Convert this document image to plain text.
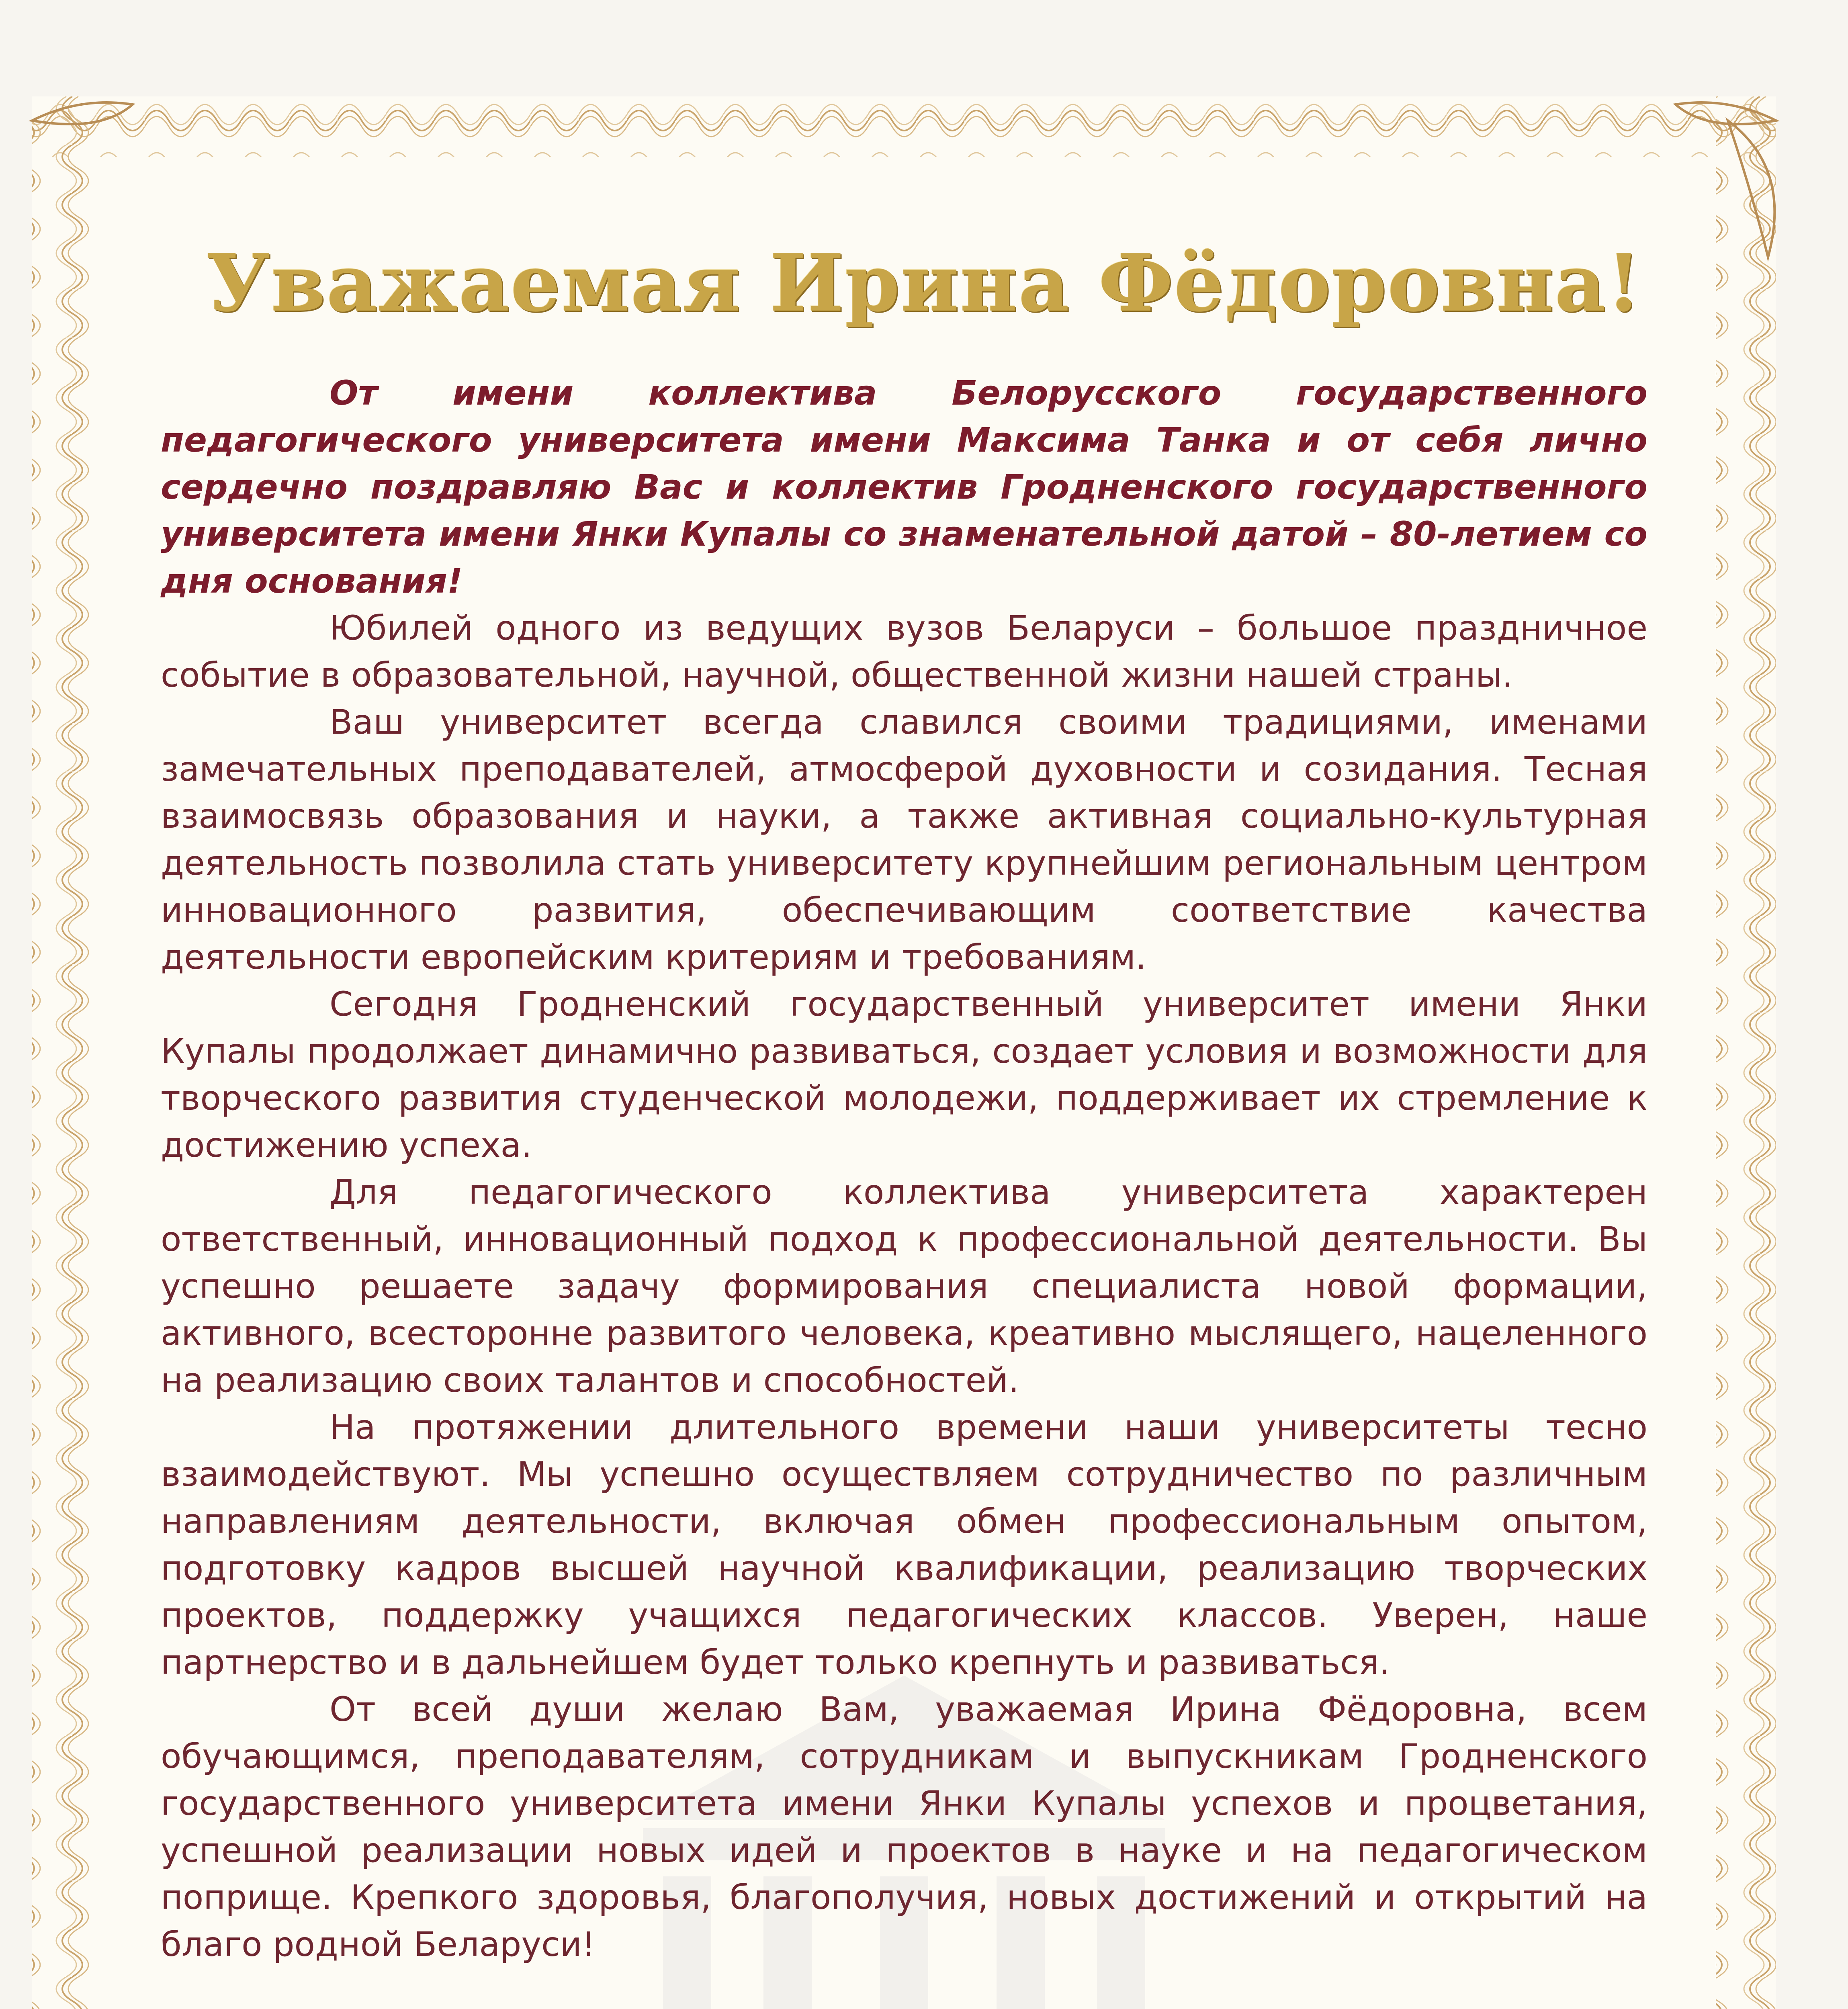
Уважаемая Ирина Фёдоровна!

От имени коллектива Белорусского государственного педагогического университета имени Максима Танка и от себя лично сердечно поздравляю Вас и коллектив Гродненского государственного университета имени Янки Купалы со знаменательной датой – 80-летием со дня основания!

Юбилей одного из ведущих вузов Беларуси – большое праздничное событие в образовательной, научной, общественной жизни нашей страны.

Ваш университет всегда славился своими традициями, именами замечательных преподавателей, атмосферой духовности и созидания. Тесная взаимосвязь образования и науки, а также активная социально-культурная деятельность позволила стать университету крупнейшим региональным центром инновационного развития, обеспечивающим соответствие качества деятельности европейским критериям и требованиям.

Сегодня Гродненский государственный университет имени Янки Купалы продолжает динамично развиваться, создает условия и возможности для творческого развития студенческой молодежи, поддерживает их стремление к достижению успеха.

Для педагогического коллектива университета характерен ответственный, инновационный подход к профессиональной деятельности. Вы успешно решаете задачу формирования специалиста новой формации, активного, всесторонне развитого человека, креативно мыслящего, нацеленного на реализацию своих талантов и способностей.

На протяжении длительного времени наши университеты тесно взаимодействуют. Мы успешно осуществляем сотрудничество по различным направлениям деятельности, включая обмен профессиональным опытом, подготовку кадров высшей научной квалификации, реализацию творческих проектов, поддержку учащихся педагогических классов. Уверен, наше партнерство и в дальнейшем будет только крепнуть и развиваться.

От всей души желаю Вам, уважаемая Ирина Фёдоровна, всем обучающимся, преподавателям, сотрудникам и выпускникам Гродненского государственного университета имени Янки Купалы успехов и процветания, успешной реализации новых идей и проектов в науке и на педагогическом поприще. Крепкого здоровья, благополучия, новых достижений и открытий на благо родной Беларуси!
